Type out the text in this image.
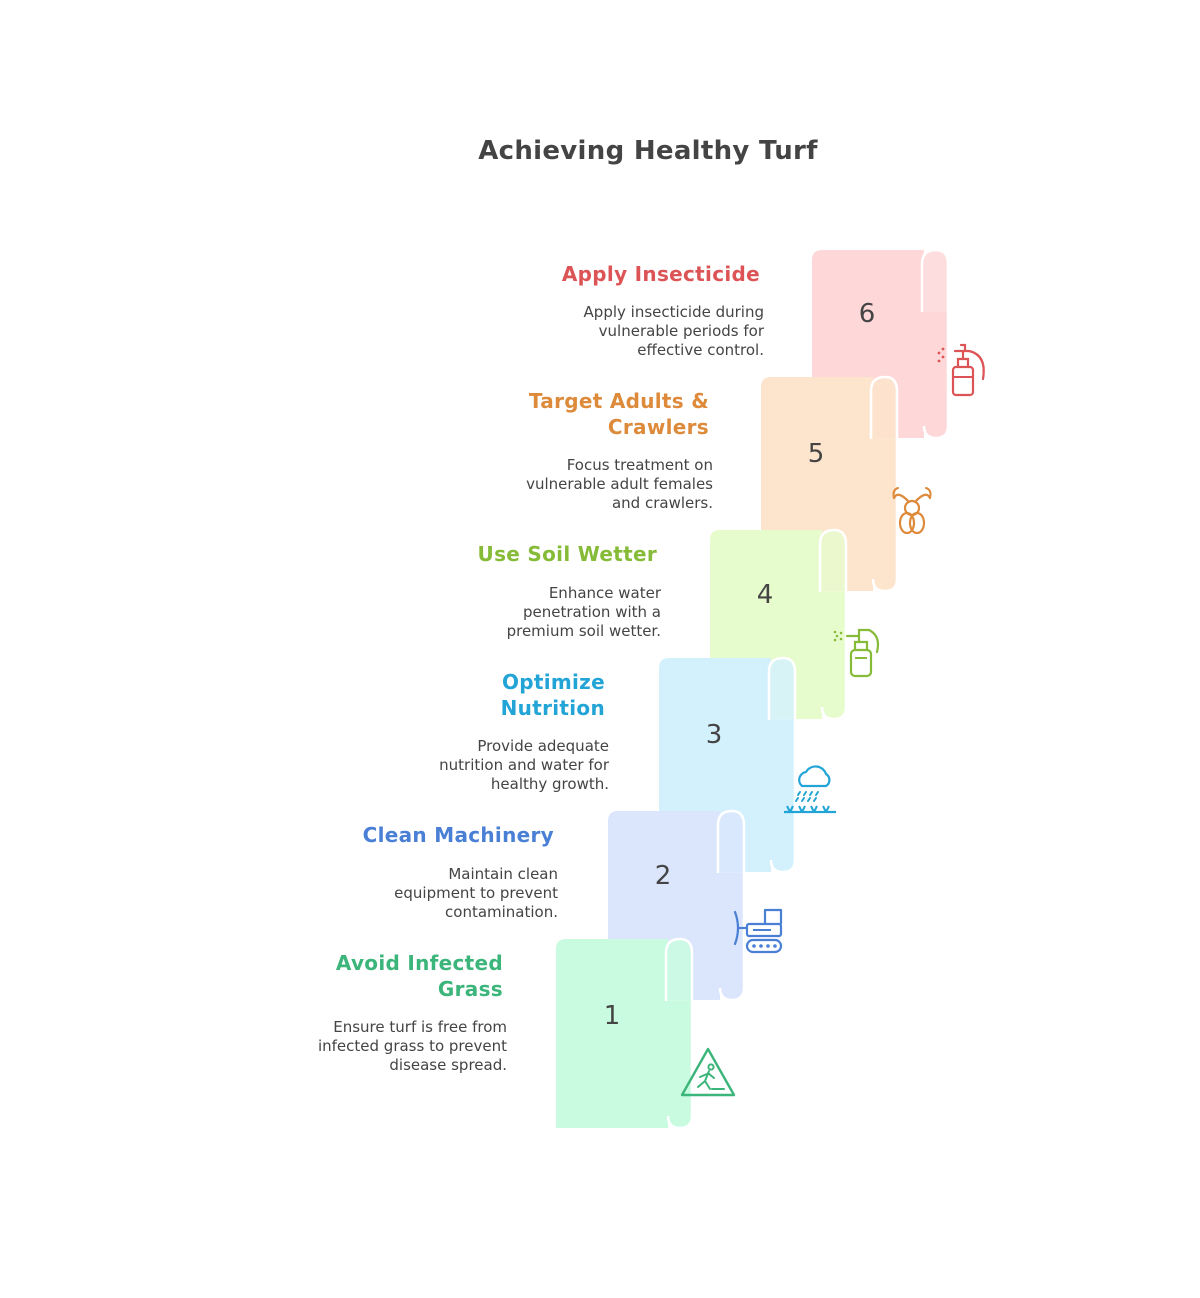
Achieving Healthy Turf
6
5
4
3
2
1
Apply Insecticide
Apply insecticide during
vulnerable periods for
effective control.
Target Adults &
Crawlers
Focus treatment on
vulnerable adult females
and crawlers.
Use Soil Wetter
Enhance water
penetration with a
premium soil wetter.
Optimize
Nutrition
Provide adequate
nutrition and water for
healthy growth.
Clean Machinery
Maintain clean
equipment to prevent
contamination.
Avoid Infected
Grass
Ensure turf is free from
infected grass to prevent
disease spread.
